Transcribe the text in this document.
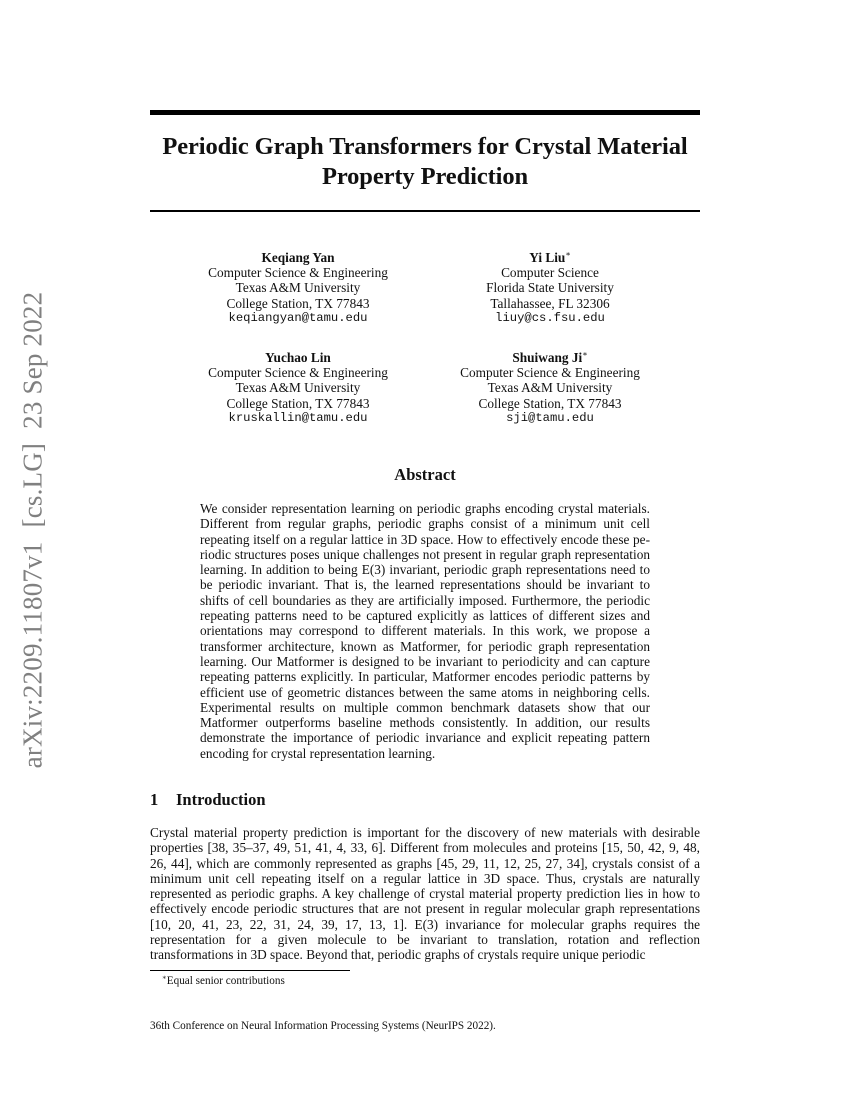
arXiv:2209.11807v1[cs.LG]23 Sep 2022
Periodic Graph Transformers for Crystal Material
Property Prediction
Keqiang Yan
Computer Science & Engineering
Texas A&M University
College Station, TX 77843
keqiangyan@tamu.edu
Yi Liu∗
Computer Science
Florida State University
Tallahassee, FL 32306
liuy@cs.fsu.edu
Yuchao Lin
Computer Science & Engineering
Texas A&M University
College Station, TX 77843
kruskallin@tamu.edu
Shuiwang Ji∗
Computer Science & Engineering
Texas A&M University
College Station, TX 77843
sji@tamu.edu
Abstract
We consider representation learning on periodic graphs encoding crystal materials. Different from regular graphs, periodic graphs consist of a minimum unit cell repeating itself on a regular lattice in 3D space. How to effectively encode these periodic structures poses unique challenges not present in regular graph representation learning. In addition to being E(3) invariant, periodic graph representations need to be periodic invariant. That is, the learned representations should be invariant to shifts of cell boundaries as they are artificially imposed. Furthermore, the periodic repeating patterns need to be captured explicitly as lattices of different sizes and orientations may correspond to different materials. In this work, we propose a transformer architecture, known as Matformer, for periodic graph representation learning. Our Matformer is designed to be invariant to periodicity and can capture repeating patterns explicitly. In particular, Matformer encodes periodic patterns by efficient use of geometric distances between the same atoms in neighboring cells. Experimental results on multiple common benchmark datasets show that our Matformer outperforms baseline methods consistently. In addition, our results demonstrate the importance of periodic invariance and explicit repeating pattern encoding for crystal representation learning.
1 Introduction
Crystal material property prediction is important for the discovery of new materials with desirable properties [38, 35–37, 49, 51, 41, 4, 33, 6]. Different from molecules and proteins [15, 50, 42, 9, 48, 26, 44], which are commonly represented as graphs [45, 29, 11, 12, 25, 27, 34], crystals consist of a minimum unit cell repeating itself on a regular lattice in 3D space. Thus, crystals are naturally represented as periodic graphs. A key challenge of crystal material property prediction lies in how to effectively encode periodic structures that are not present in regular molecular graph representations [10, 20, 41, 23, 22, 31, 24, 39, 17, 13, 1]. E(3) invariance for molecular graphs requires the representation for a given molecule to be invariant to translation, rotation and reflection transformations in 3D space. Beyond that, periodic graphs of crystals require unique periodic
∗Equal senior contributions
36th Conference on Neural Information Processing Systems (NeurIPS 2022).
